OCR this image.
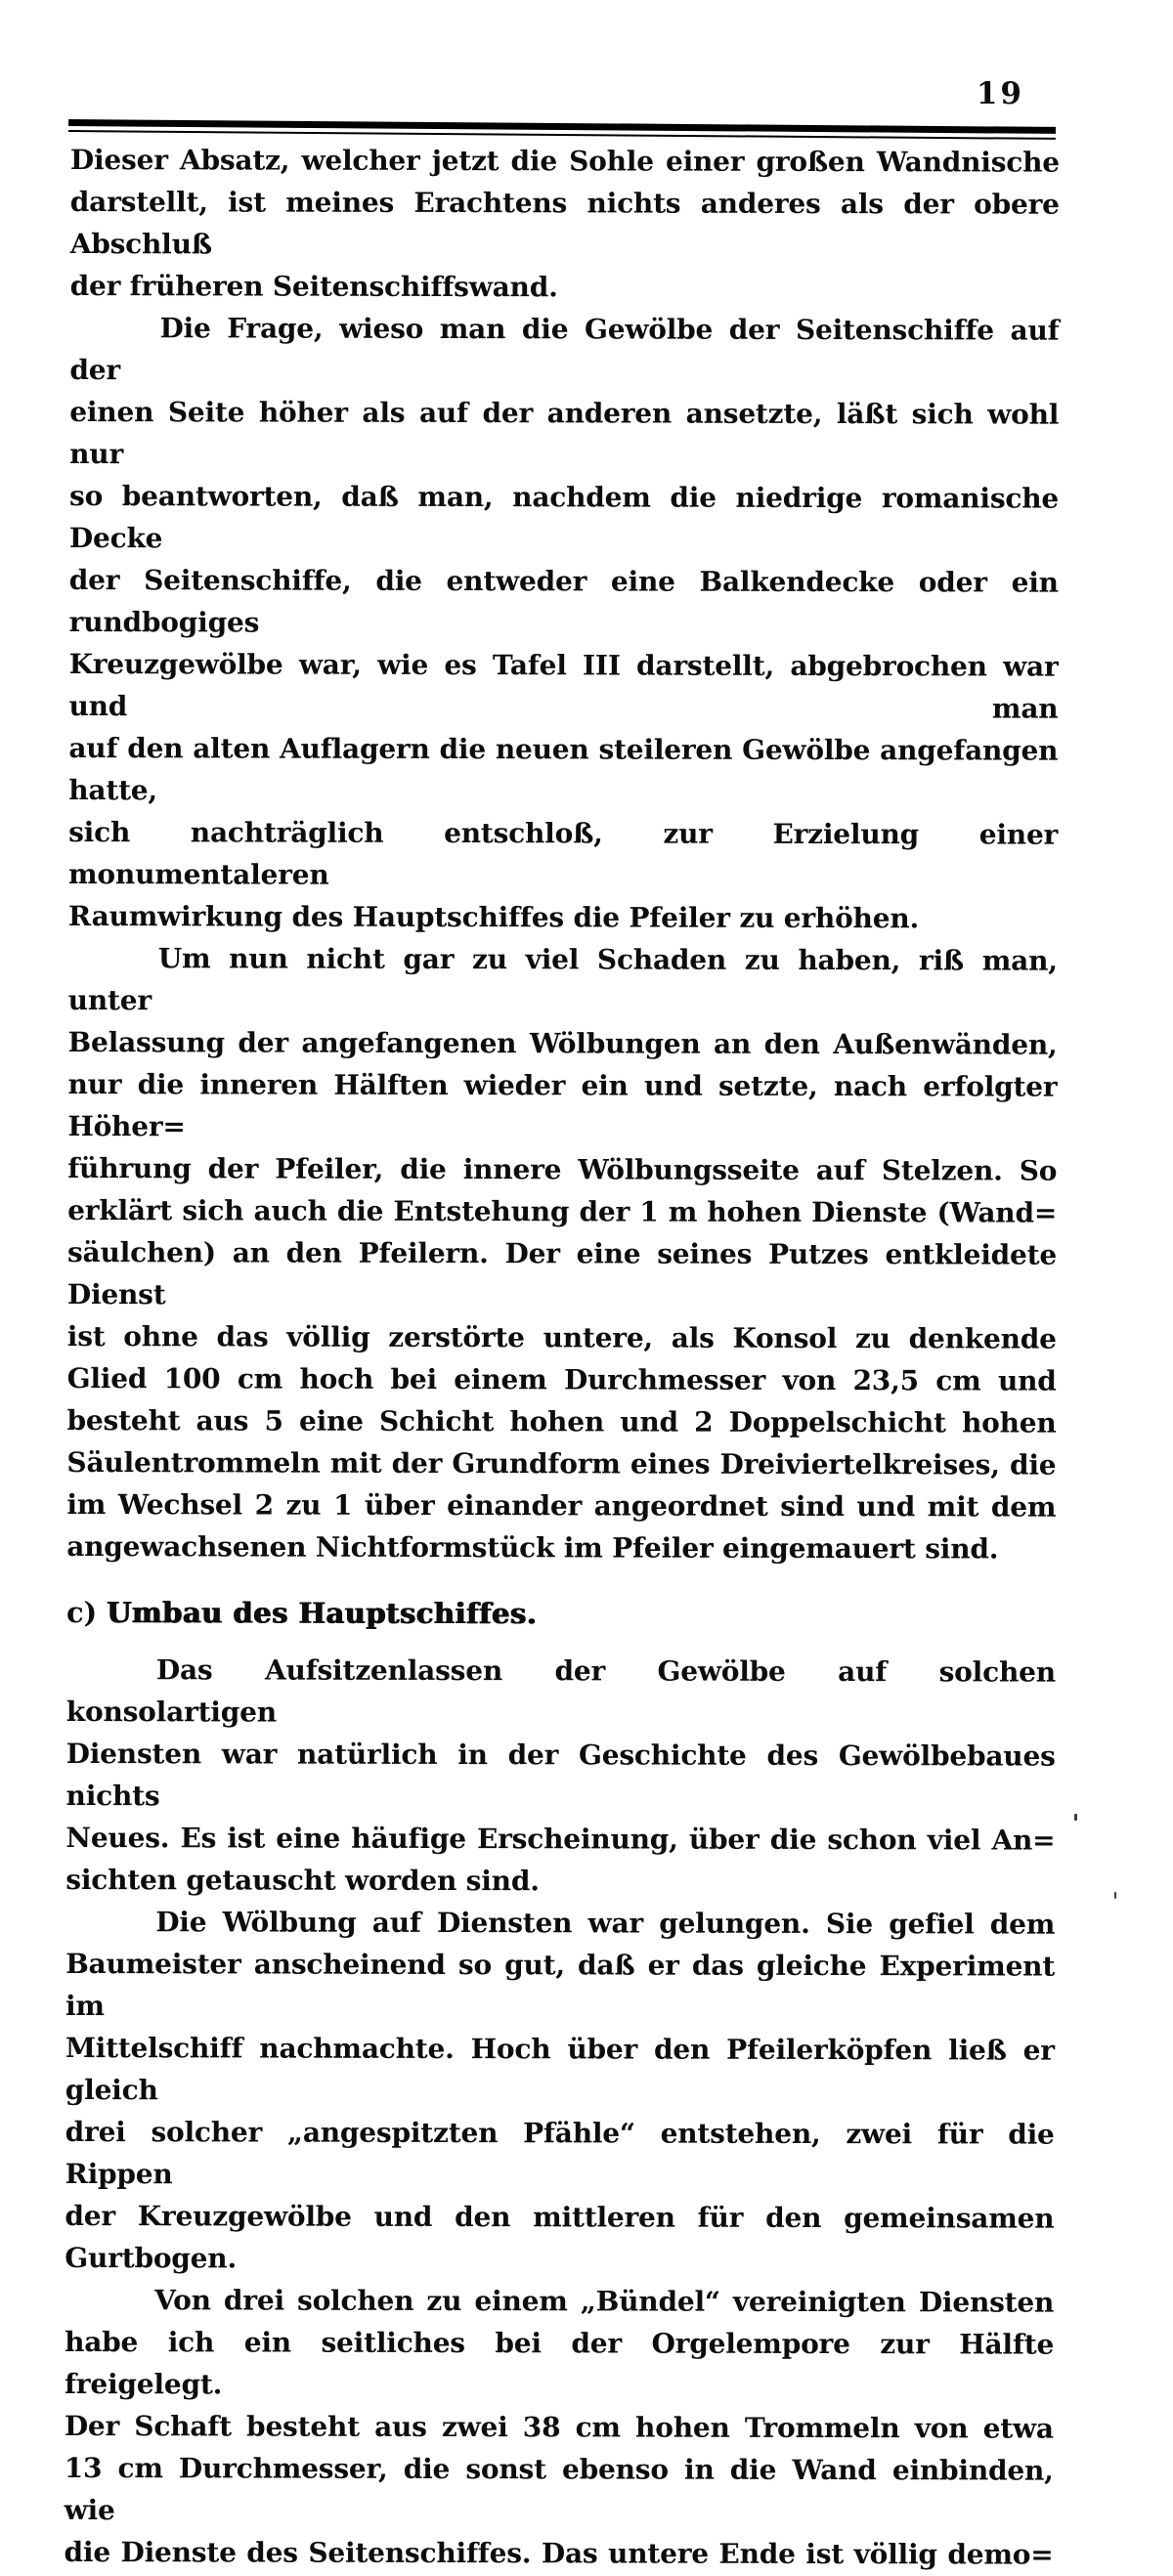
19
Dieser Absatz, welcher jetzt die Sohle einer großen Wandnische
darstellt, ist meines Erachtens nichts anderes als der obere Abschluß
der früheren Seitenschiffswand.
Die Frage, wieso man die Gewölbe der Seitenschiffe auf der
einen Seite höher als auf der anderen ansetzte, läßt sich wohl nur
so beantworten, daß man, nachdem die niedrige romanische Decke
der Seitenschiffe, die entweder eine Balkendecke oder ein rundbogiges
Kreuzgewölbe war, wie es Tafel III darstellt, abgebrochen war und man
auf den alten Auflagern die neuen steileren Gewölbe angefangen hatte,
sich nachträglich entschloß, zur Erzielung einer monumentaleren
Raumwirkung des Hauptschiffes die Pfeiler zu erhöhen.
Um nun nicht gar zu viel Schaden zu haben, riß man, unter
Belassung der angefangenen Wölbungen an den Außenwänden,
nur die inneren Hälften wieder ein und setzte, nach erfolgter Höher=
führung der Pfeiler, die innere Wölbungsseite auf Stelzen. So
erklärt sich auch die Entstehung der 1 m hohen Dienste (Wand=
säulchen) an den Pfeilern. Der eine seines Putzes entkleidete Dienst
ist ohne das völlig zerstörte untere, als Konsol zu denkende
Glied 100 cm hoch bei einem Durchmesser von 23,5 cm und
besteht aus 5 eine Schicht hohen und 2 Doppelschicht hohen
Säulentrommeln mit der Grundform eines Dreiviertelkreises, die
im Wechsel 2 zu 1 über einander angeordnet sind und mit dem
angewachsenen Nichtformstück im Pfeiler eingemauert sind.
c) Umbau des Hauptschiffes.
Das Aufsitzenlassen der Gewölbe auf solchen konsolartigen
Diensten war natürlich in der Geschichte des Gewölbebaues nichts
Neues. Es ist eine häufige Erscheinung, über die schon viel An=
sichten getauscht worden sind.
Die Wölbung auf Diensten war gelungen. Sie gefiel dem
Baumeister anscheinend so gut, daß er das gleiche Experiment im
Mittelschiff nachmachte. Hoch über den Pfeilerköpfen ließ er gleich
drei solcher „angespitzten Pfähle“ entstehen, zwei für die Rippen
der Kreuzgewölbe und den mittleren für den gemeinsamen Gurtbogen.
Von drei solchen zu einem „Bündel“ vereinigten Diensten
habe ich ein seitliches bei der Orgelempore zur Hälfte freigelegt.
Der Schaft besteht aus zwei 38 cm hohen Trommeln von etwa
13 cm Durchmesser, die sonst ebenso in die Wand einbinden, wie
die Dienste des Seitenschiffes. Das untere Ende ist völlig demo=
